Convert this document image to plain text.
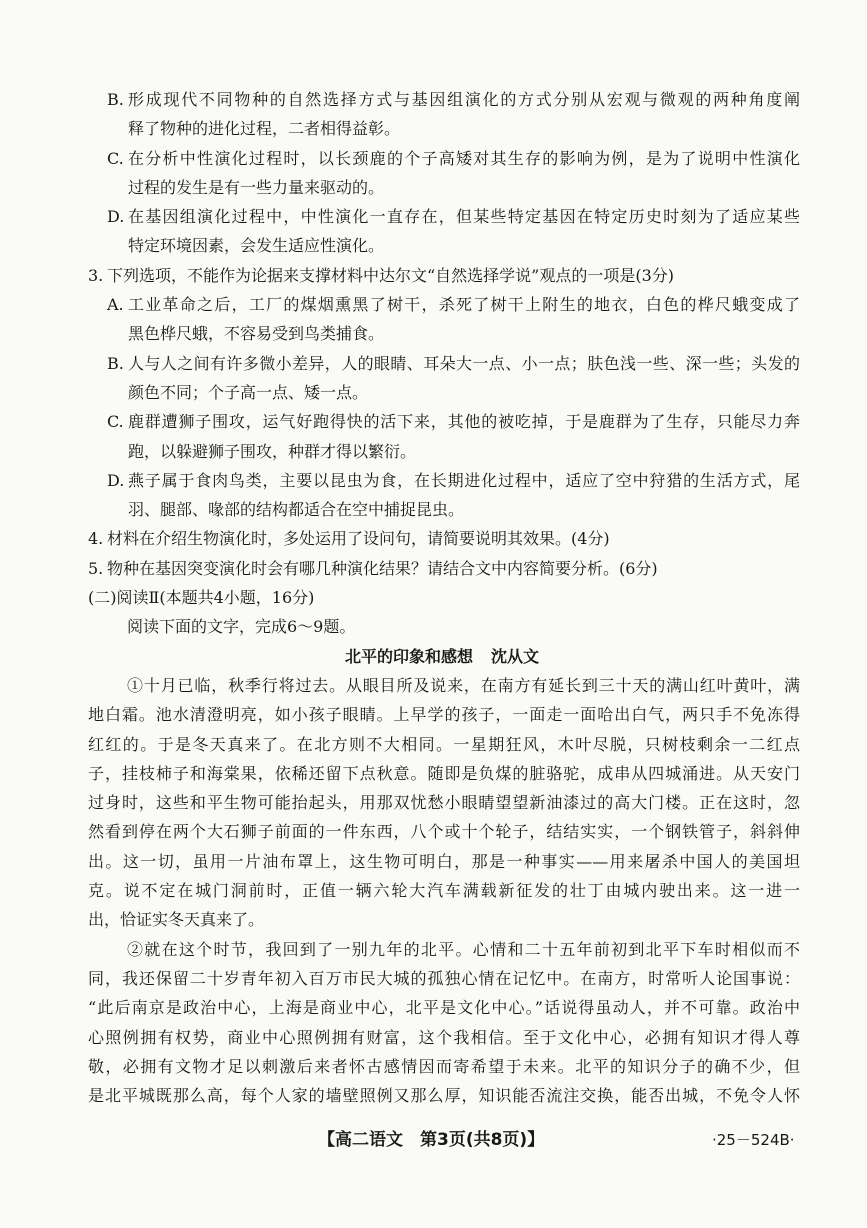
B. 形成现代不同物种的自然选择方式与基因组演化的方式分别从宏观与微观的两种角度阐
释了物种的进化过程，二者相得益彰。
C. 在分析中性演化过程时，以长颈鹿的个子高矮对其生存的影响为例，是为了说明中性演化
过程的发生是有一些力量来驱动的。
D. 在基因组演化过程中，中性演化一直存在，但某些特定基因在特定历史时刻为了适应某些
特定环境因素，会发生适应性演化。
3. 下列选项，不能作为论据来支撑材料中达尔文“自然选择学说”观点的一项是(3分)
A. 工业革命之后，工厂的煤烟熏黑了树干，杀死了树干上附生的地衣，白色的桦尺蛾变成了
黑色桦尺蛾，不容易受到鸟类捕食。
B. 人与人之间有许多微小差异，人的眼睛、耳朵大一点、小一点；肤色浅一些、深一些；头发的
颜色不同；个子高一点、矮一点。
C. 鹿群遭狮子围攻，运气好跑得快的活下来，其他的被吃掉，于是鹿群为了生存，只能尽力奔
跑，以躲避狮子围攻，种群才得以繁衍。
D. 燕子属于食肉鸟类，主要以昆虫为食，在长期进化过程中，适应了空中狩猎的生活方式，尾
羽、腿部、喙部的结构都适合在空中捕捉昆虫。
4. 材料在介绍生物演化时，多处运用了设问句，请简要说明其效果。(4分)
5. 物种在基因突变演化时会有哪几种演化结果？请结合文中内容简要分析。(6分)
(二)阅读Ⅱ(本题共4小题，16分)
阅读下面的文字，完成6～9题。
北平的印象和感想 沈从文
①十月已临，秋季行将过去。从眼目所及说来，在南方有延长到三十天的满山红叶黄叶，满
地白霜。池水清澄明亮，如小孩子眼睛。上早学的孩子，一面走一面哈出白气，两只手不免冻得
红红的。于是冬天真来了。在北方则不大相同。一星期狂风，木叶尽脱，只树枝剩余一二红点
子，挂枝柿子和海棠果，依稀还留下点秋意。随即是负煤的脏骆驼，成串从四城涌进。从天安门
过身时，这些和平生物可能抬起头，用那双忧愁小眼睛望望新油漆过的高大门楼。正在这时，忽
然看到停在两个大石狮子前面的一件东西，八个或十个轮子，结结实实，一个钢铁管子，斜斜伸
出。这一切，虽用一片油布罩上，这生物可明白，那是一种事实——用来屠杀中国人的美国坦
克。说不定在城门洞前时，正值一辆六轮大汽车满载新征发的壮丁由城内驶出来。这一进一
出，恰证实冬天真来了。
②就在这个时节，我回到了一别九年的北平。心情和二十五年前初到北平下车时相似而不
同，我还保留二十岁青年初入百万市民大城的孤独心情在记忆中。在南方，时常听人论国事说：
“此后南京是政治中心，上海是商业中心，北平是文化中心。”话说得虽动人，并不可靠。政治中
心照例拥有权势，商业中心照例拥有财富，这个我相信。至于文化中心，必拥有知识才得人尊
敬，必拥有文物才足以刺激后来者怀古感情因而寄希望于未来。北平的知识分子的确不少，但
是北平城既那么高，每个人家的墙壁照例又那么厚，知识能否流注交换，能否出城，不免令人怀
【高二语文　第3页(共8页)】	·25－524B·
